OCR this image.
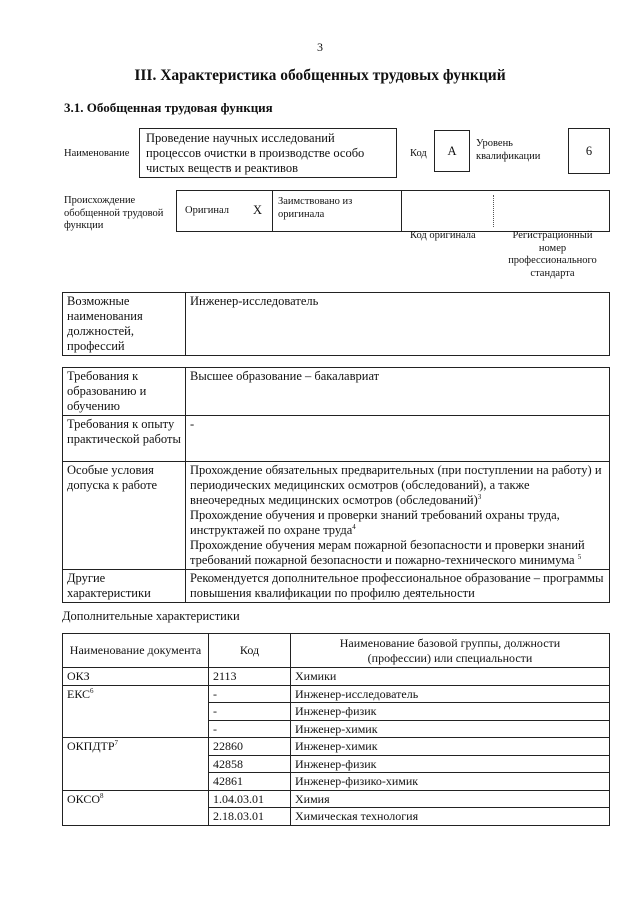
3
III. Характеристика обобщенных трудовых функций
3.1. Обобщенная трудовая функция
Наименование
Проведение научных исследований процессов очистки в производстве особо чистых веществ и реактивов
Код	А
Уровень квалификации	6
Происхождение обобщенной трудовой функции
Оригинал X
Заимствовано из оригинала
Код оригинала	Регистрационный номер профессионального стандарта
Возможные наименования должностей, профессий	Инженер-исследователь
Требования к образованию и обучению	Высшее образование – бакалавриат
Требования к опыту практической работы	-
Особые условия допуска к работе	Прохождение обязательных предварительных (при поступлении на работу) и периодических медицинских осмотров (обследований), а также внеочередных медицинских осмотров (обследований)$^3$
Прохождение обучения и проверки знаний требований охраны труда, инструктажей по охране труда$^4$
Прохождение обучения мерам пожарной безопасности и проверки знаний требований пожарной безопасности и пожарно-технического минимума $^5$

Другие характеристики	Рекомендуется дополнительное профессиональное образование – программы повышения квалификации по профилю деятельности
Дополнительные характеристики
Наименование документа	Код	Наименование базовой группы, должности (профессии) или специальности
ОКЗ	2113	Химики
ЕКС$^6$	-	Инженер-исследователь
	-	Инженер-физик
	-	Инженер-химик
ОКПДТР$^7$	22860	Инженер-химик
	42858	Инженер-физик
	42861	Инженер-физико-химик
ОКСО$^8$	1.04.03.01	Химия
	2.18.03.01	Химическая технология
